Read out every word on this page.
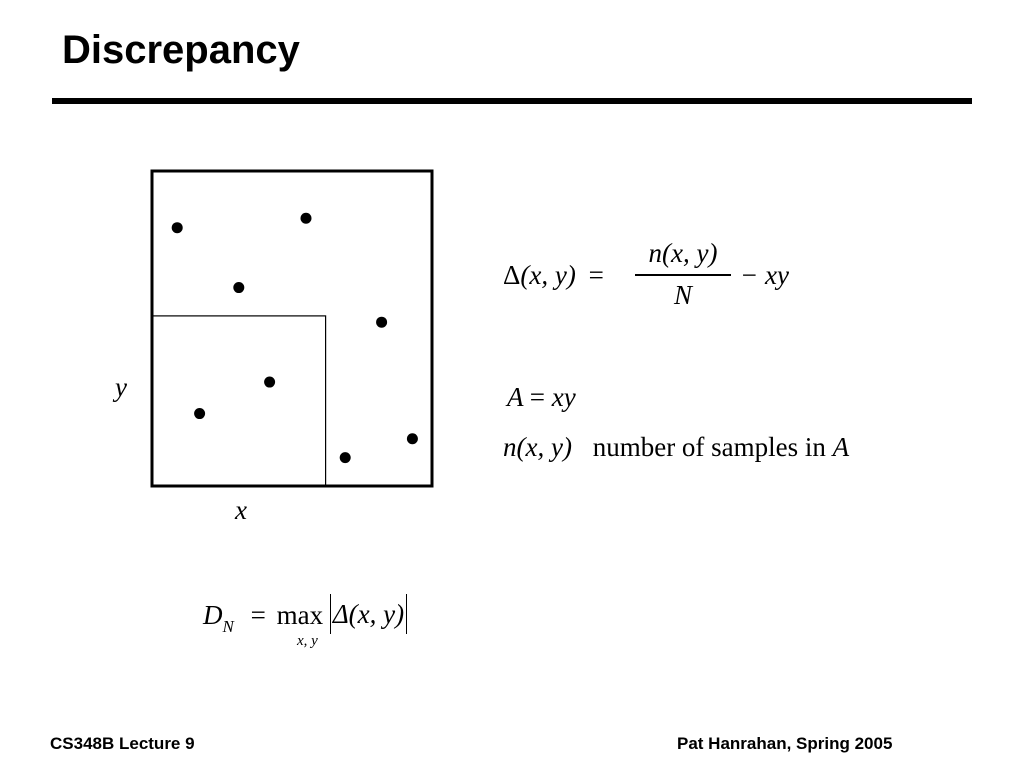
Discrepancy
y
x
Δ(x, y) =
n(x, y)
N
− xy
A = xy
n(x, y) number of samples in A
$D_N = \max \Delta(x$, y)
x, y
CS348B Lecture 9	Pat Hanrahan, Spring 2005
